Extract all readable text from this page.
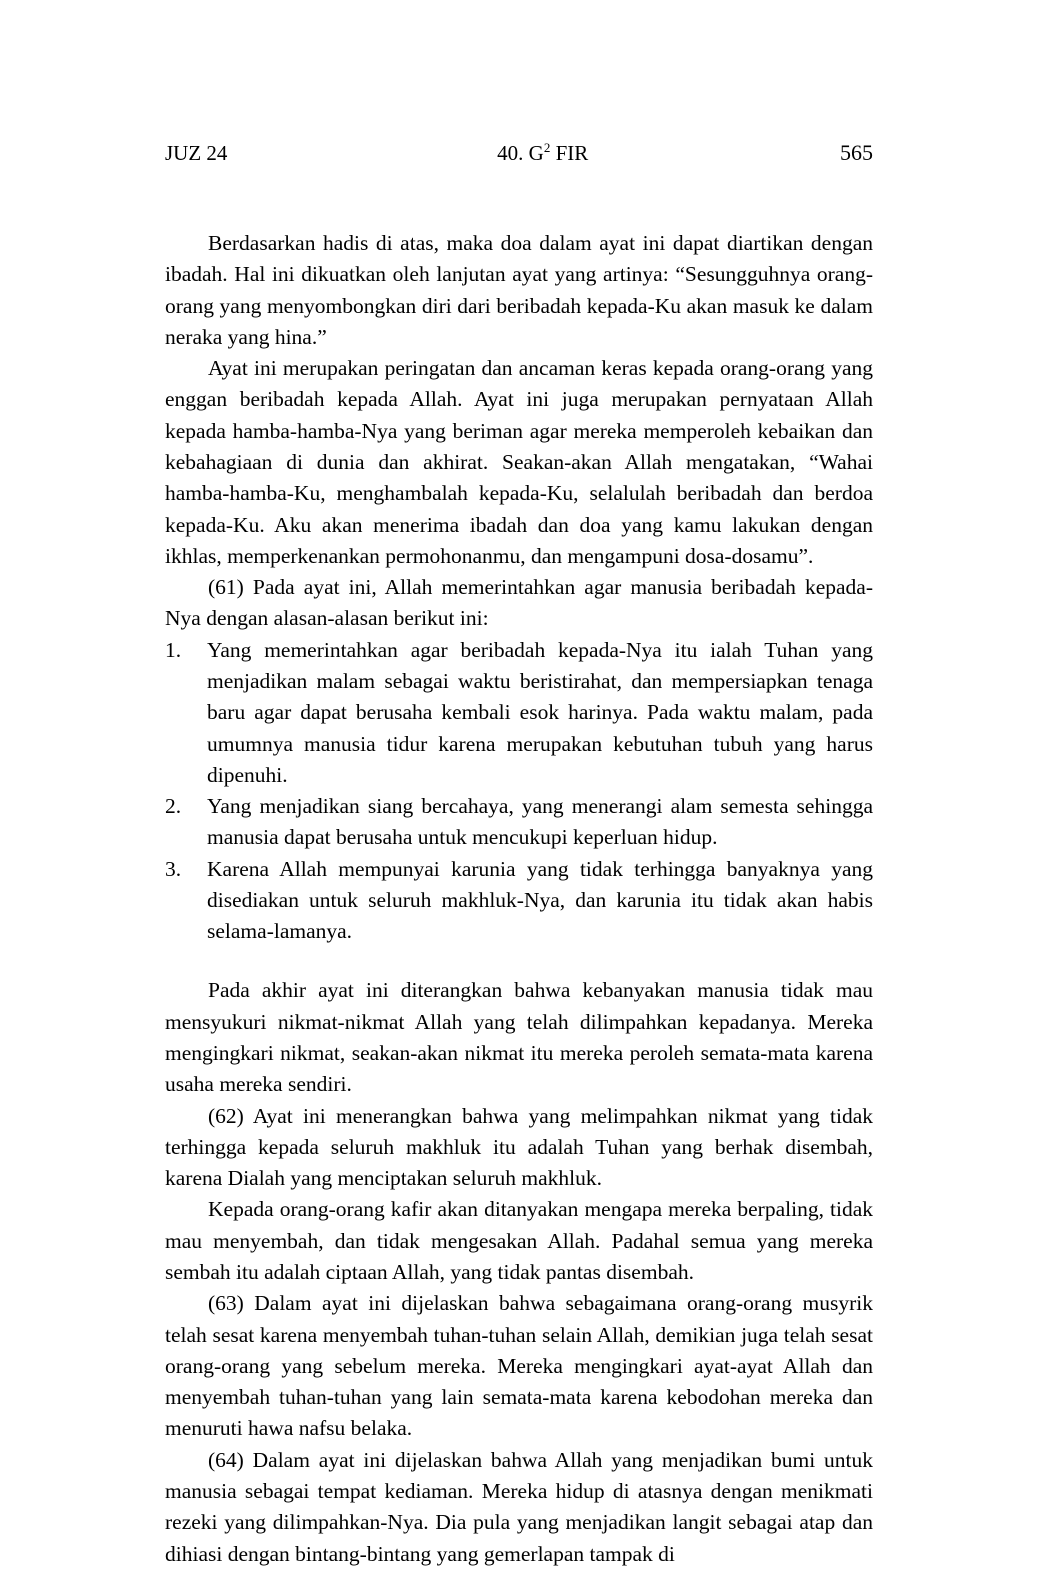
JUZ 24	40. $G^2$ FIR	565

Berdasarkan hadis di atas, maka doa dalam ayat ini dapat diartikan dengan ibadah. Hal ini dikuatkan oleh lanjutan ayat yang artinya: “Sesungguhnya orang-orang yang menyombongkan diri dari beribadah kepada-Ku akan masuk ke dalam neraka yang hina.”

Ayat ini merupakan peringatan dan ancaman keras kepada orang-orang yang enggan beribadah kepada Allah. Ayat ini juga merupakan pernyataan Allah kepada hamba-hamba-Nya yang beriman agar mereka memperoleh kebaikan dan kebahagiaan di dunia dan akhirat. Seakan-akan Allah mengatakan, “Wahai hamba-hamba-Ku, menghambalah kepada-Ku, selalulah beribadah dan berdoa kepada-Ku. Aku akan menerima ibadah dan doa yang kamu lakukan dengan ikhlas, memperkenankan permohonanmu, dan mengampuni dosa-dosamu”.

(61) Pada ayat ini, Allah memerintahkan agar manusia beribadah kepada-Nya dengan alasan-alasan berikut ini:

1. Yang memerintahkan agar beribadah kepada-Nya itu ialah Tuhan yang menjadikan malam sebagai waktu beristirahat, dan mempersiapkan tenaga baru agar dapat berusaha kembali esok harinya. Pada waktu malam, pada umumnya manusia tidur karena merupakan kebutuhan tubuh yang harus dipenuhi.
2. Yang menjadikan siang bercahaya, yang menerangi alam semesta sehingga manusia dapat berusaha untuk mencukupi keperluan hidup.
3. Karena Allah mempunyai karunia yang tidak terhingga banyaknya yang disediakan untuk seluruh makhluk-Nya, dan karunia itu tidak akan habis selama-lamanya.

Pada akhir ayat ini diterangkan bahwa kebanyakan manusia tidak mau mensyukuri nikmat-nikmat Allah yang telah dilimpahkan kepadanya. Mereka mengingkari nikmat, seakan-akan nikmat itu mereka peroleh semata-mata karena usaha mereka sendiri.

(62) Ayat ini menerangkan bahwa yang melimpahkan nikmat yang tidak terhingga kepada seluruh makhluk itu adalah Tuhan yang berhak disembah, karena Dialah yang menciptakan seluruh makhluk.

Kepada orang-orang kafir akan ditanyakan mengapa mereka berpaling, tidak mau menyembah, dan tidak mengesakan Allah. Padahal semua yang mereka sembah itu adalah ciptaan Allah, yang tidak pantas disembah.

(63) Dalam ayat ini dijelaskan bahwa sebagaimana orang-orang musyrik telah sesat karena menyembah tuhan-tuhan selain Allah, demikian juga telah sesat orang-orang yang sebelum mereka. Mereka mengingkari ayat-ayat Allah dan menyembah tuhan-tuhan yang lain semata-mata karena kebodohan mereka dan menuruti hawa nafsu belaka.

(64) Dalam ayat ini dijelaskan bahwa Allah yang menjadikan bumi untuk manusia sebagai tempat kediaman. Mereka hidup di atasnya dengan menikmati rezeki yang dilimpahkan-Nya. Dia pula yang menjadikan langit sebagai atap dan dihiasi dengan bintang-bintang yang gemerlapan tampak di
